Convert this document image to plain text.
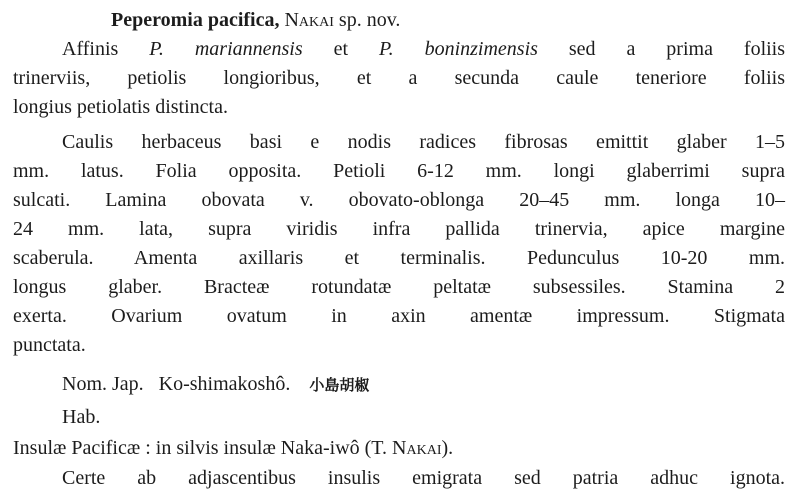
Peperomia pacifica, Nakai sp. nov.
Affinis P. mariannensis et P. boninzimensis sed a prima foliis
trinerviis, petiolis longioribus, et a secunda caule teneriore foliis
longius petiolatis distincta.
Caulis herbaceus basi e nodis radices fibrosas emittit glaber 1–5
mm. latus. Folia opposita. Petioli 6-12 mm. longi glaberrimi supra
sulcati. Lamina obovata v. obovato-oblonga 20–45 mm. longa 10–
24 mm. lata, supra viridis infra pallida trinervia, apice margine
scaberula. Amenta axillaris et terminalis. Pedunculus 10-20 mm.
longus glaber. Bracteæ rotundatæ peltatæ subsessiles. Stamina 2
exerta. Ovarium ovatum in axin amentæ impressum. Stigmata
punctata.
Nom. Jap. Ko-shimakoshô. 小島胡椒
Hab.
Insulæ Pacificæ : in silvis insulæ Naka-iwô (T. Nakai).
Certe ab adjascentibus insulis emigrata sed patria adhuc ignota.
